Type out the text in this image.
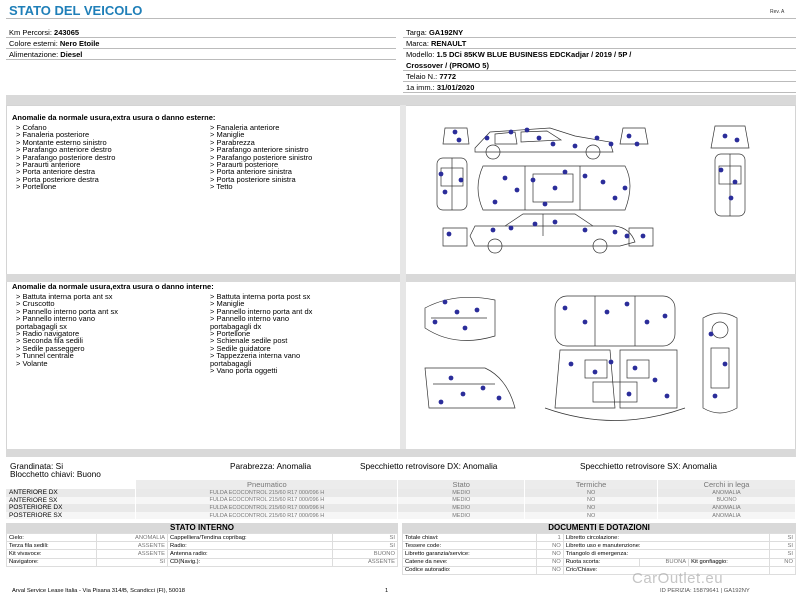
STATO DEL VEICOLO	Rev. A
Km Percorsi: 243065
Colore esterni: Nero Etoile
Alimentazione: Diesel
Targa: GA192NY
Marca: RENAULT
Modello: 1.5 DCi 85KW BLUE BUSINESS EDCKadjar / 2019 / 5P /
Crossover / (PROMO 5)
Telaio N.: 7772
1a imm.: 31/01/2020
Anomalie da normale usura,extra usura o danno esterne:
> Cofano
> Fanaleria posteriore
> Montante esterno sinistro
> Parafango anteriore destro
> Parafango posteriore destro
> Paraurti anteriore
> Porta anteriore destra
> Porta posteriore destra
> Portellone
> Fanaleria anteriore
> Maniglie
> Parabrezza
> Parafango anteriore sinistro
> Parafango posteriore sinistro
> Paraurti posteriore
> Porta anteriore sinistra
> Porta posteriore sinistra
> Tetto
Anomalie da normale usura,extra usura o danno interne:
> Battuta interna porta ant sx
> Cruscotto
> Pannello interno porta ant sx
> Pannello interno vano
portabagagli sx
> Radio navigatore
> Seconda fila sedili
> Sedile passeggero
> Tunnel centrale
> Volante
> Battuta interna porta post sx
> Maniglie
> Pannello interno porta ant dx
> Pannello interno vano
portabagagli dx
> Portellone
> Schienale sedile post
> Sedile guidatore
> Tappezzeria interna vano
portabagagli
> Vano porta oggetti
Grandinata: Si	Parabrezza: Anomalia	Specchietto retrovisore DX: Anomalia	Specchietto retrovisore SX: Anomalia
Blocchetto chiavi: Buono
	Pneumatico	Stato	Termiche	Cerchi in lega
ANTERIORE DX	FULDA ECOCONTROL 215/60 R17 000/096 H	MEDIO	NO	ANOMALIA
ANTERIORE SX	FULDA ECOCONTROL 215/60 R17 000/096 H	MEDIO	NO	BUONO
POSTERIORE DX	FULDA ECOCONTROL 215/60 R17 000/096 H	MEDIO	NO	ANOMALIA
POSTERIORE SX	FULDA ECOCONTROL 215/60 R17 000/096 H	MEDIO	NO	ANOMALIA
STATO INTERNO
Cielo:	ANOMALIA	Cappelliera/Tendina copribag:	SI
Terza fila sedili:	ASSENTE	Radio:	SI
Kit vivavoce:	ASSENTE	Antenna radio:	BUONO
Navigatore:	SI	CD(Navig.):	ASSENTE
DOCUMENTI E DOTAZIONI
Totale chiavi:	1	Libretto circolazione:			SI
Tessere code:	NO	Libretto uso e manutenzione:			SI
Libretto garanzia/service:	NO	Triangolo di emergenza:			SI
Catene da neve:	NO	Ruota scorta:	BUONA	Kit gonfiaggio:	NO
Codice autoradio:	NO	Cric/Chiave:			
Arval Service Lease Italia - Via Pisana 314/B, Scandicci (FI), 50018	1	ID PERIZIA: 15879641 | GA192NY
CarOutlet.eu
